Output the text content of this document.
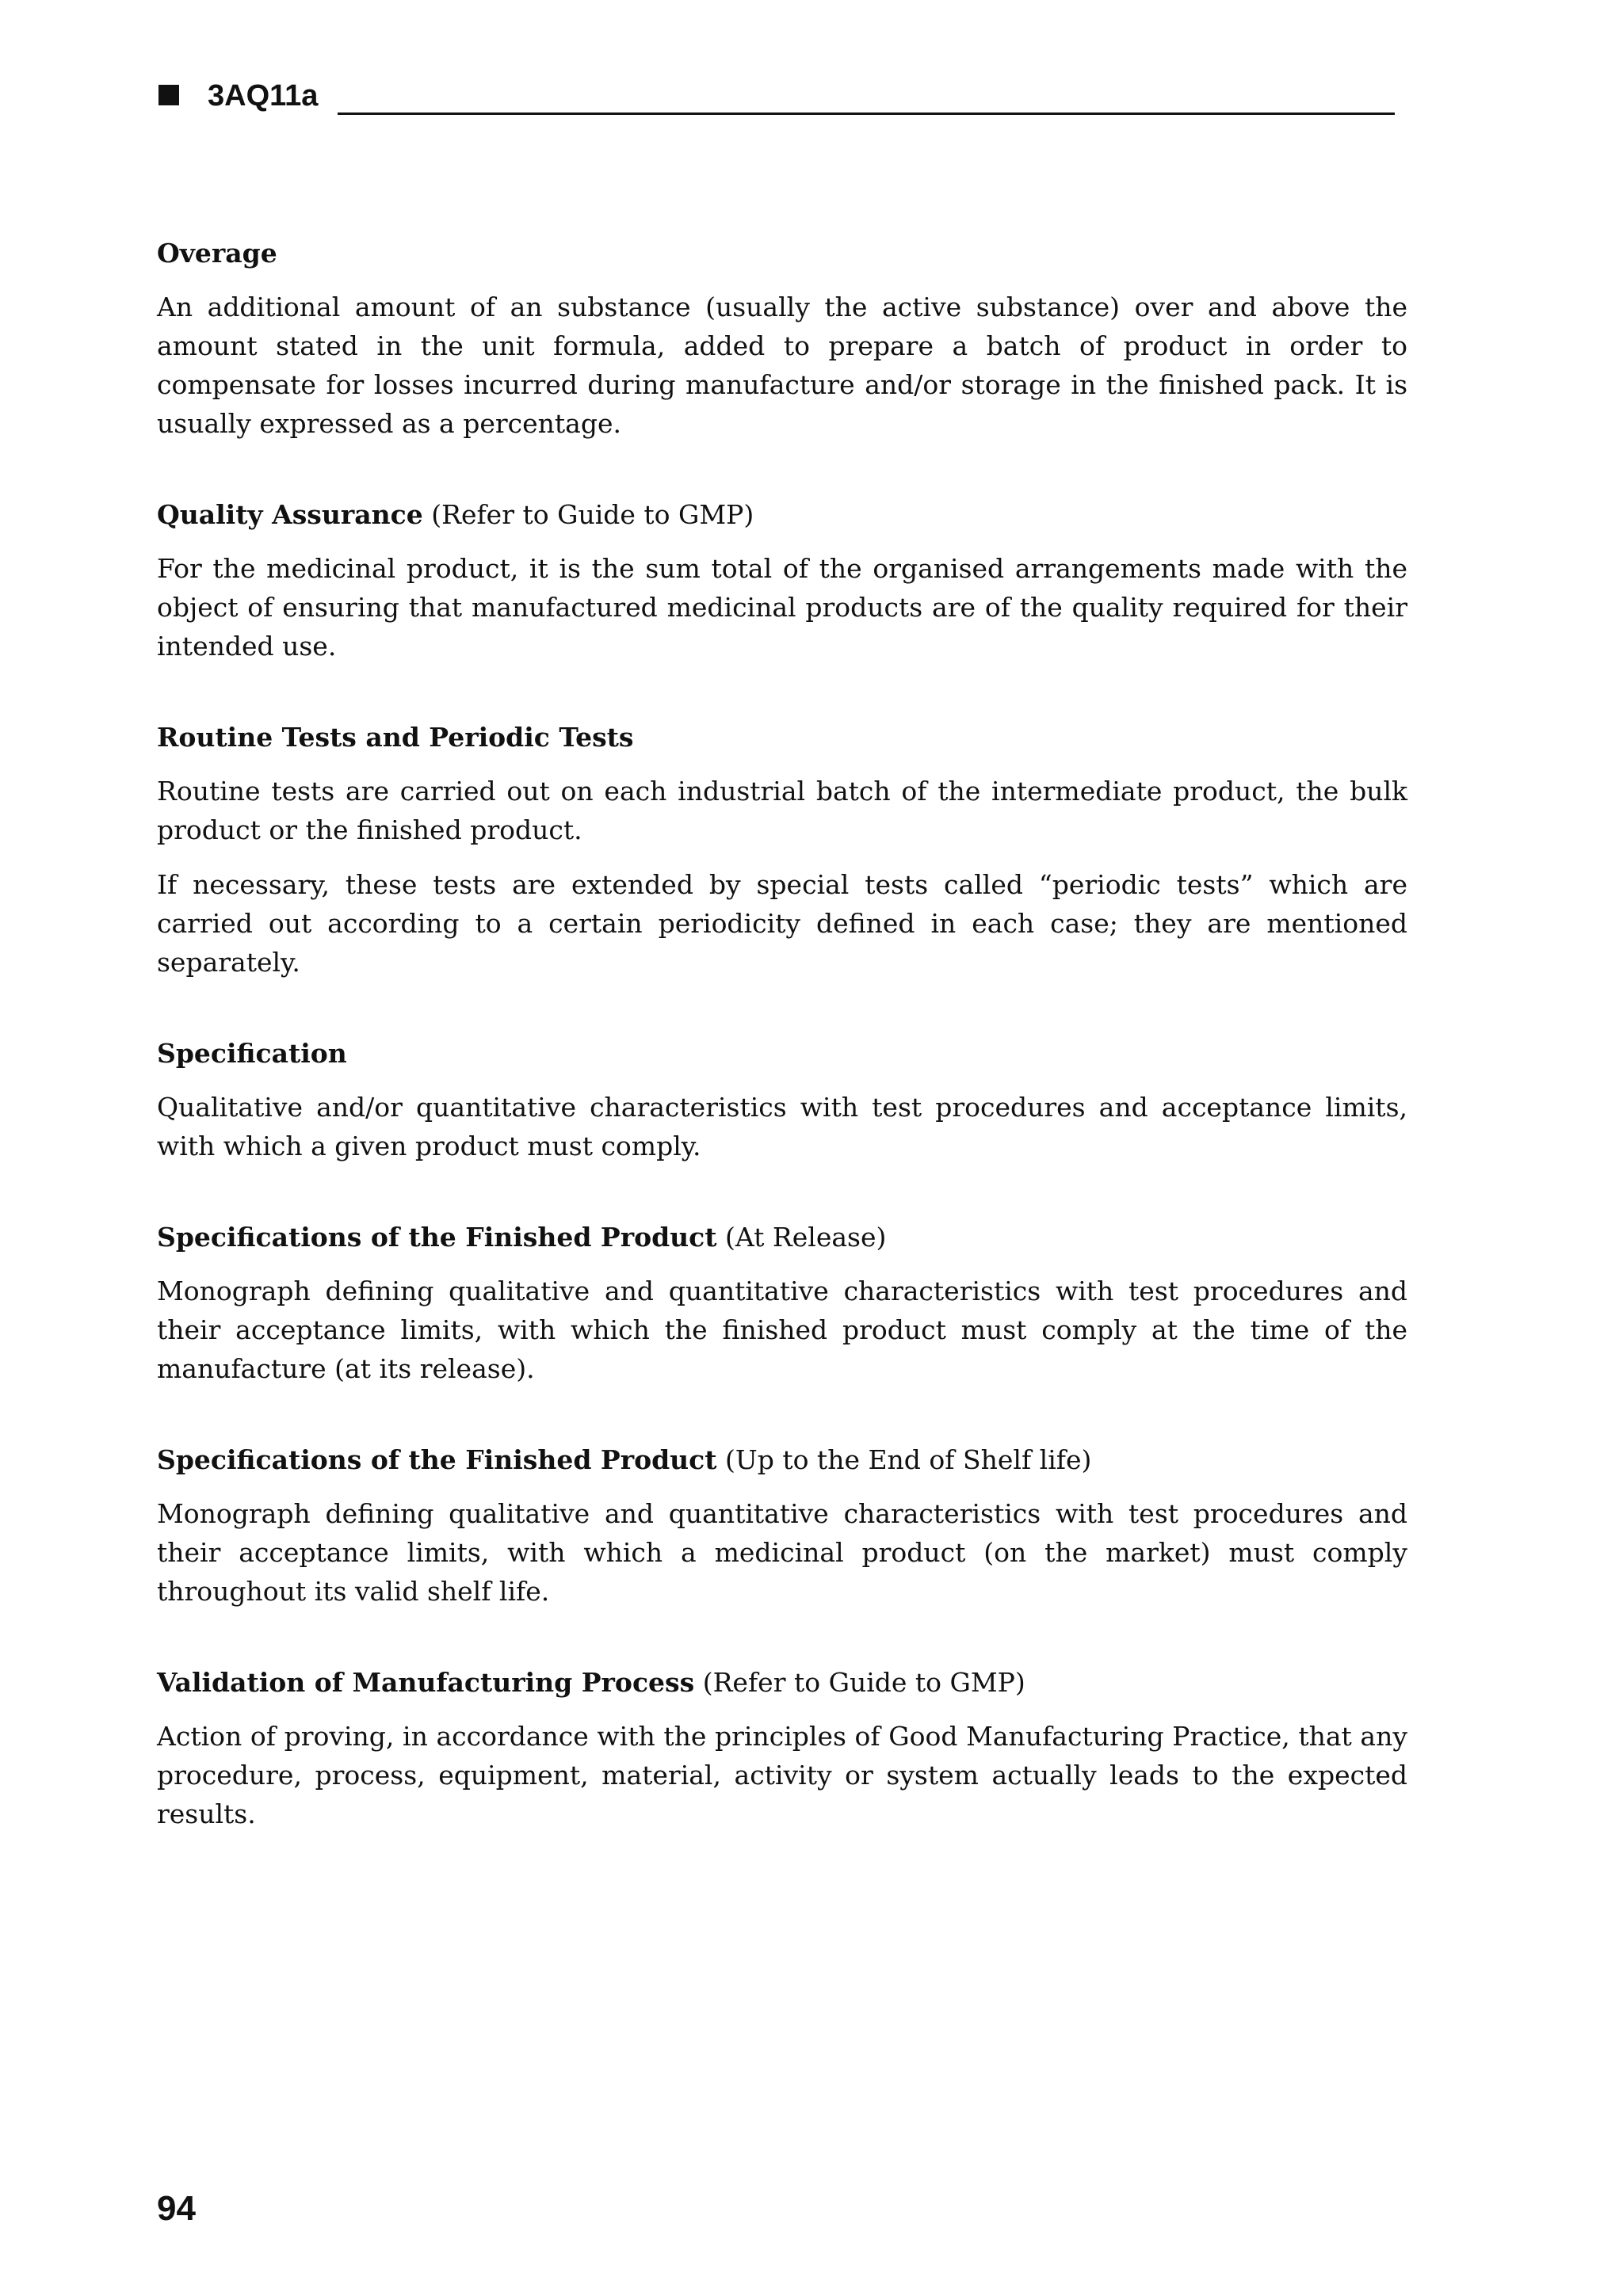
3AQ11a
Overage

An additional amount of an substance (usually the active substance) over and above the amount stated in the unit formula, added to prepare a batch of product in order to compensate for losses incurred during manufacture and/or storage in the finished pack. It is usually expressed as a percentage.

Quality Assurance (Refer to Guide to GMP)

For the medicinal product, it is the sum total of the organised arrangements made with the object of ensuring that manufactured medicinal products are of the quality required for their intended use.

Routine Tests and Periodic Tests

Routine tests are carried out on each industrial batch of the intermediate product, the bulk product or the finished product.

If necessary, these tests are extended by special tests called “periodic tests” which are carried out according to a certain periodicity defined in each case; they are mentioned separately.

Specification

Qualitative and/or quantitative characteristics with test procedures and acceptance limits, with which a given product must comply.

Specifications of the Finished Product (At Release)

Monograph defining qualitative and quantitative characteristics with test procedures and their acceptance limits, with which the finished product must comply at the time of the manufacture (at its release).

Specifications of the Finished Product (Up to the End of Shelf life)

Monograph defining qualitative and quantitative characteristics with test procedures and their acceptance limits, with which a medicinal product (on the market) must comply throughout its valid shelf life.

Validation of Manufacturing Process (Refer to Guide to GMP)

Action of proving, in accordance with the principles of Good Manufacturing Practice, that any procedure, process, equipment, material, activity or system actually leads to the expected results.

94
